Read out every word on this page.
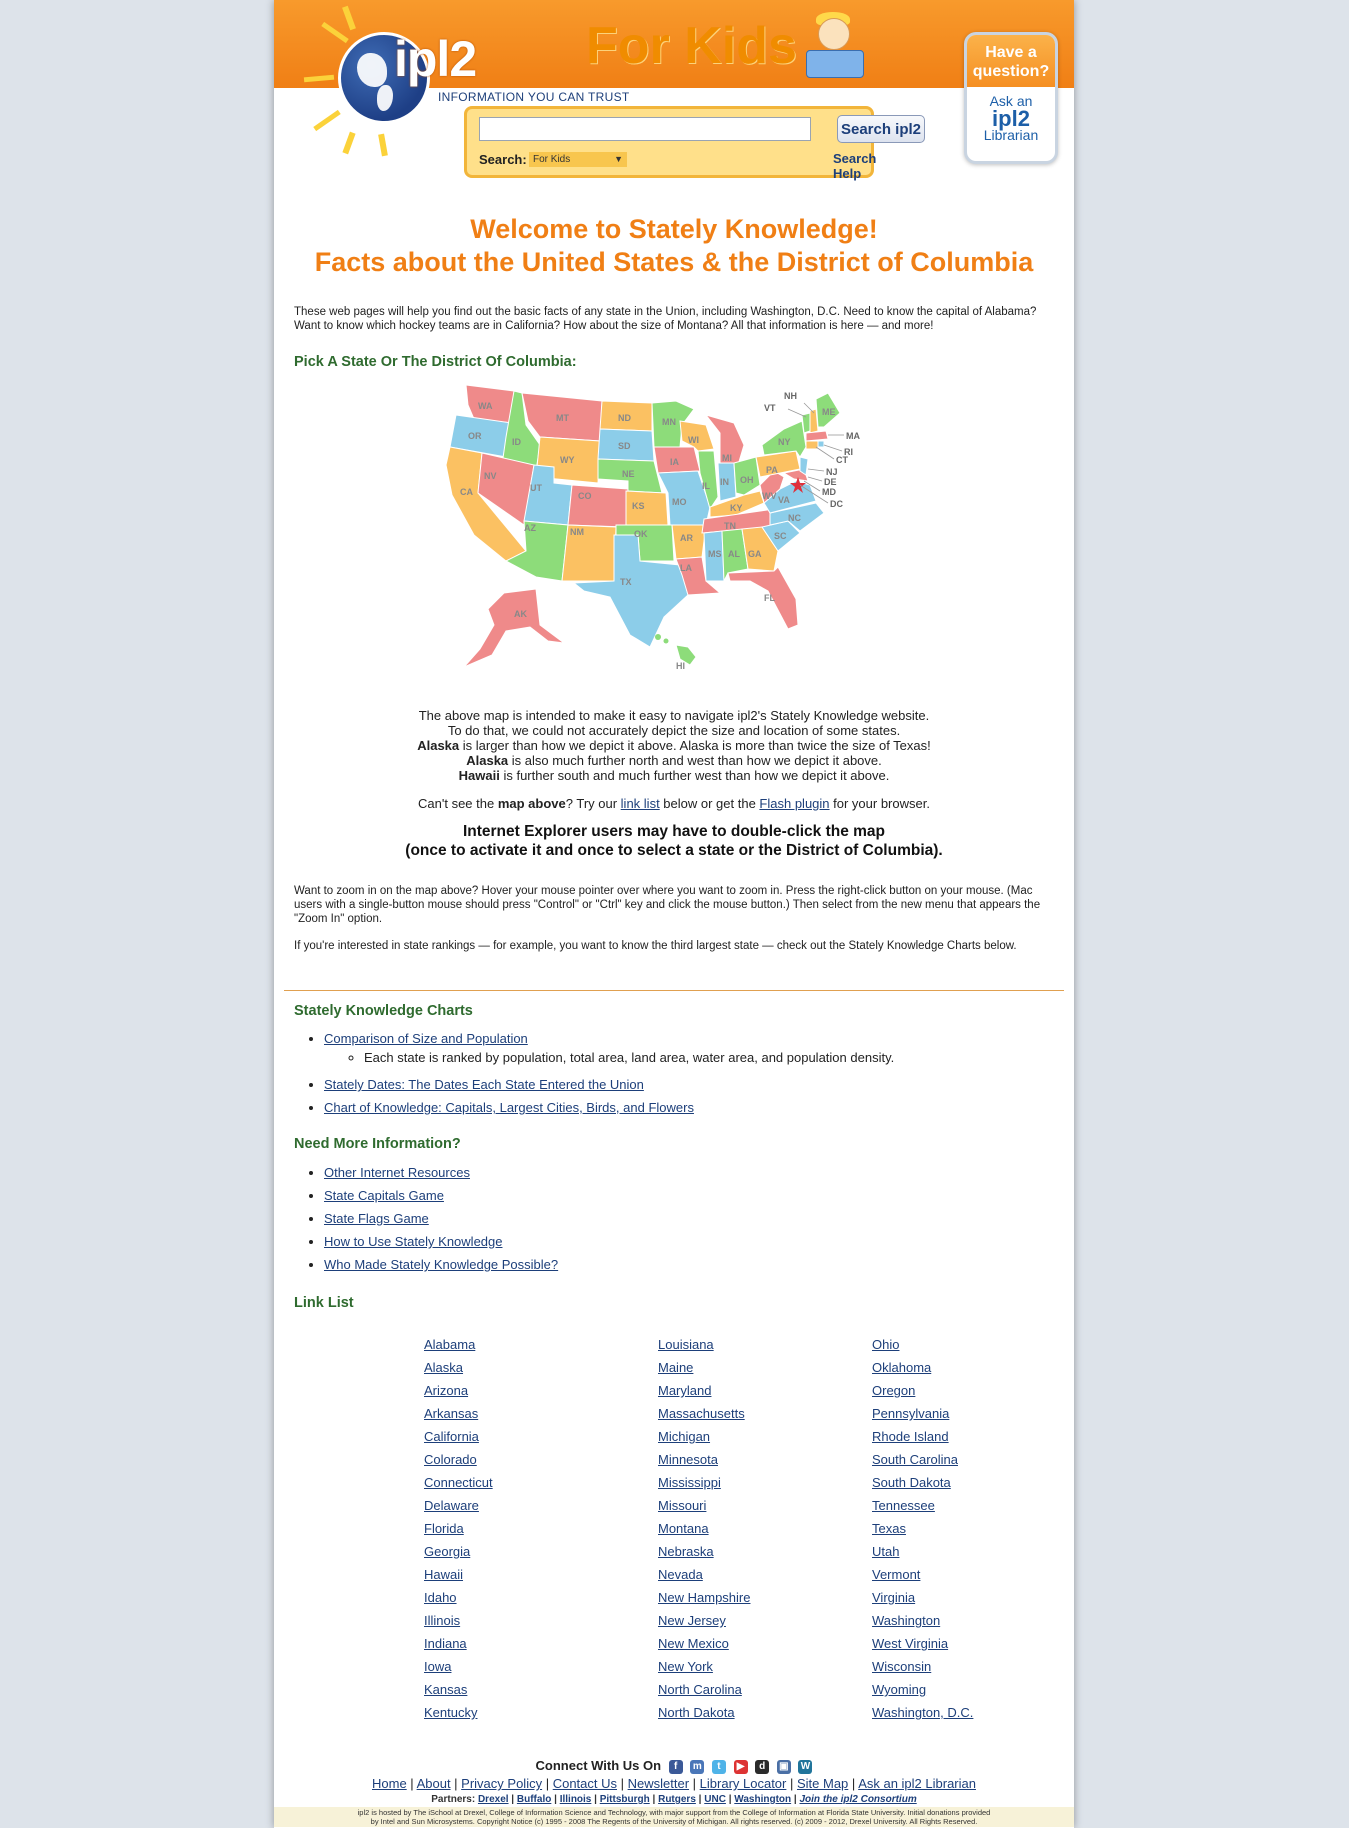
ipl2
INFORMATION YOU CAN TRUST
For Kids
Search ipl2
Search: For Kids	▼	Search Help
Have a
question?
Ask an
ipl2
Librarian
Welcome to Stately Knowledge!
Facts about the United States & the District of Columbia
These web pages will help you find out the basic facts of any state in the Union, including Washington, D.C. Need to know the capital of Alabama? Want to know which hockey teams are in California? How about the size of Montana? All that information is here — and more!
Pick A State Or The District Of Columbia:
WA
OR
CA
ID
NV
MT
WY
UT
AZ
CO
NM
ND
SD
NE
KS
OK
TX
MN
IA
MO
AR
LA
WI
IL
MI
IN OH
KY
TN
MS AL GA
FL
SC
NC
VA
WV
PA
NY
ME
AK
HI
VT
NH
MA
RI
CT
NJ
DE
MD
DC
The above map is intended to make it easy to navigate ipl2's Stately Knowledge website.
To do that, we could not accurately depict the size and location of some states.
Alaska is larger than how we depict it above. Alaska is more than twice the size of Texas!
Alaska is also much further north and west than how we depict it above.
Hawaii is further south and much further west than how we depict it above.
Can't see the map above? Try our link list below or get the Flash plugin for your browser.
Internet Explorer users may have to double-click the map
(once to activate it and once to select a state or the District of Columbia).
Want to zoom in on the map above? Hover your mouse pointer over where you want to zoom in. Press the right-click button on your mouse. (Mac users with a single-button mouse should press "Control" or "Ctrl" key and click the mouse button.) Then select from the new menu that appears the "Zoom In" option.
If you're interested in state rankings — for example, you want to know the third largest state — check out the Stately Knowledge Charts below.
Stately Knowledge Charts
• Comparison of Size and Population
◦ Each state is ranked by population, total area, land area, water area, and population density.
• Stately Dates: The Dates Each State Entered the Union
• Chart of Knowledge: Capitals, Largest Cities, Birds, and Flowers
Need More Information?
• Other Internet Resources
• State Capitals Game
• State Flags Game
• How to Use Stately Knowledge
• Who Made Stately Knowledge Possible?
Link List
Alabama
Alaska
Arizona
Arkansas
California
Colorado
Connecticut
Delaware
Florida
Georgia
Hawaii
Idaho
Illinois
Indiana
Iowa
Kansas
Kentucky
Louisiana
Maine
Maryland
Massachusetts
Michigan
Minnesota
Mississippi
Missouri
Montana
Nebraska
Nevada
New Hampshire
New Jersey
New Mexico
New York
North Carolina
North Dakota
Ohio
Oklahoma
Oregon
Pennsylvania
Rhode Island
South Carolina
South Dakota
Tennessee
Texas
Utah
Vermont
Virginia
Washington
West Virginia
Wisconsin
Wyoming
Washington, D.C.
Connect With Us On f m t ▶ d ▣ W
Home | About | Privacy Policy | Contact Us | Newsletter | Library Locator | Site Map | Ask an ipl2 Librarian
Partners: Drexel | Buffalo | Illinois | Pittsburgh | Rutgers | UNC | Washington | Join the ipl2 Consortium
ipl2 is hosted by The iSchool at Drexel, College of Information Science and Technology, with major support from the College of Information at Florida State University. Initial donations provided
by Intel and Sun Microsystems. Copyright Notice (c) 1995 - 2008 The Regents of the University of Michigan. All rights reserved. (c) 2009 - 2012, Drexel University. All Rights Reserved.
